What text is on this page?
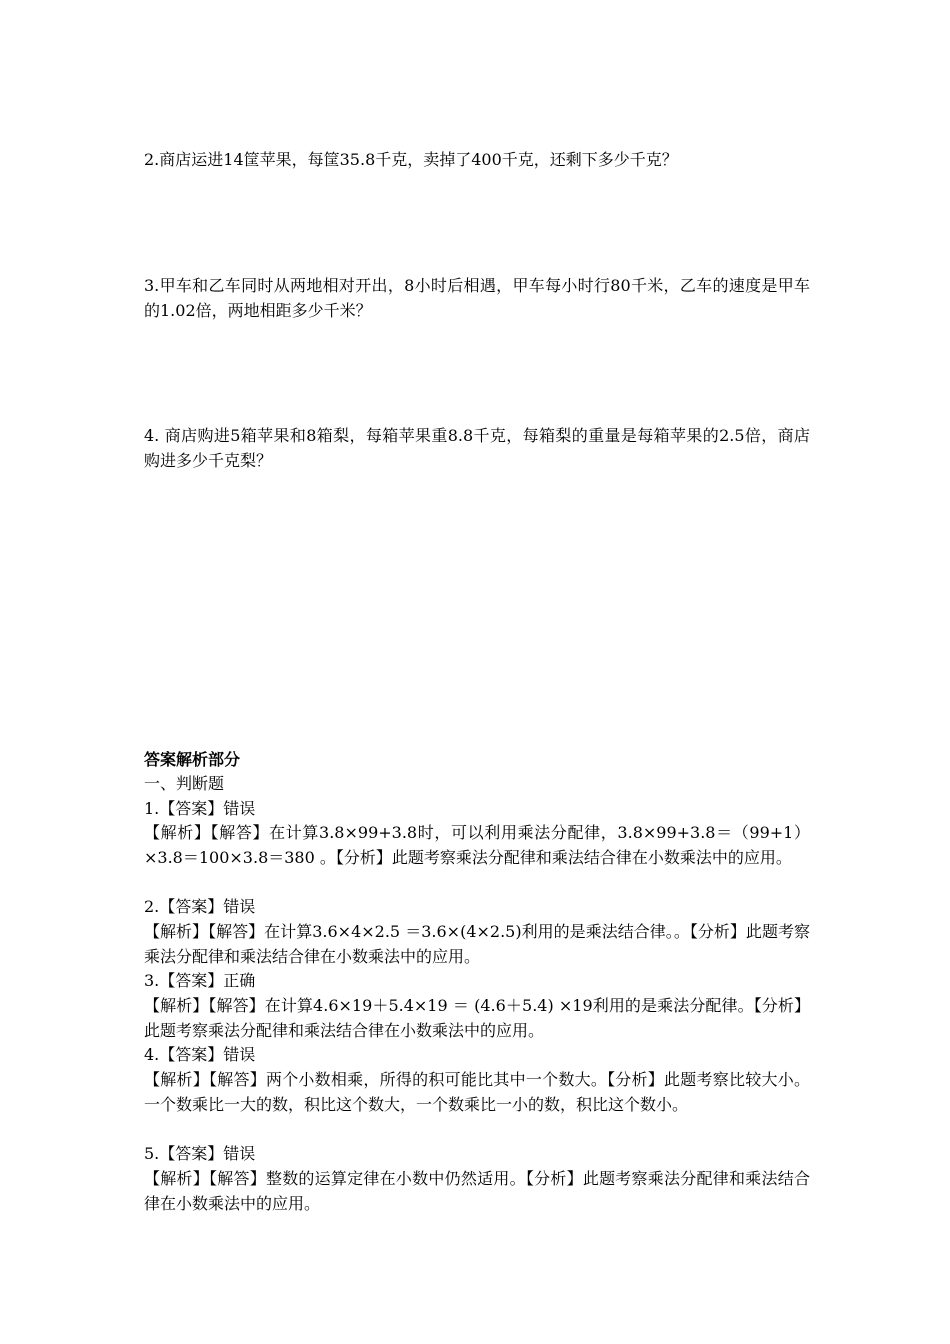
2.商店运进14筐苹果，每筐35.8千克，卖掉了400千克，还剩下多少千克？

3.甲车和乙车同时从两地相对开出，8小时后相遇，甲车每小时行80千米，乙车的速度是甲车的1.02倍，两地相距多少千米？

4. 商店购进5箱苹果和8箱梨，每箱苹果重8.8千克，每箱梨的重量是每箱苹果的2.5倍，商店购进多少千克梨？

答案解析部分

一、判断题

1.【答案】错误

【解析】【解答】在计算3.8×99+3.8时，可以利用乘法分配律，3.8×99+3.8＝（99+1）×3.8＝100×3.8＝380 。【分析】此题考察乘法分配律和乘法结合律在小数乘法中的应用。

2.【答案】错误

【解析】【解答】在计算3.6×4×2.5 ＝3.6×(4×2.5)利用的是乘法结合律。。【分析】此题考察乘法分配律和乘法结合律在小数乘法中的应用。

3.【答案】正确

【解析】【解答】在计算4.6×19＋5.4×19 ＝ (4.6＋5.4) ×19利用的是乘法分配律。【分析】此题考察乘法分配律和乘法结合律在小数乘法中的应用。

4.【答案】错误

【解析】【解答】两个小数相乘，所得的积可能比其中一个数大。【分析】此题考察比较大小。一个数乘比一大的数，积比这个数大，一个数乘比一小的数，积比这个数小。

5.【答案】错误

【解析】【解答】整数的运算定律在小数中仍然适用。【分析】此题考察乘法分配律和乘法结合律在小数乘法中的应用。
